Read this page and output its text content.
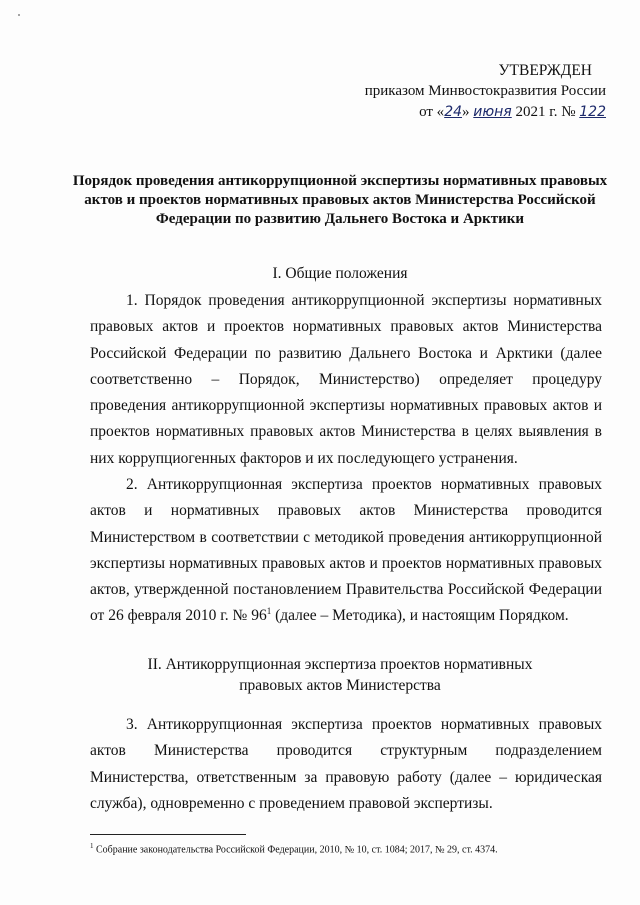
УТВЕРЖДЕН
приказом Минвостокразвития России
от «24» июня 2021 г. № 122
Порядок проведения антикоррупционной экспертизы нормативных правовых актов и проектов нормативных правовых актов Министерства Российской Федерации по развитию Дальнего Востока и Арктики
I. Общие положения
1. Порядок проведения антикоррупционной экспертизы нормативных правовых актов и проектов нормативных правовых актов Министерства Российской Федерации по развитию Дальнего Востока и Арктики (далее соответственно – Порядок, Министерство) определяет процедуру проведения антикоррупционной экспертизы нормативных правовых актов и проектов нормативных правовых актов Министерства в целях выявления в них коррупциогенных факторов и их последующего устранения.
2. Антикоррупционная экспертиза проектов нормативных правовых актов и нормативных правовых актов Министерства проводится Министерством в соответствии с методикой проведения антикоррупционной экспертизы нормативных правовых актов и проектов нормативных правовых актов, утвержденной постановлением Правительства Российской Федерации от 26 февраля 2010 г. № $96^1$ (далее – Методика), и настоящим Порядком.
II. Антикоррупционная экспертиза проектов нормативных
правовых актов Министерства
3. Антикоррупционная экспертиза проектов нормативных правовых актов Министерства проводится структурным подразделением Министерства, ответственным за правовую работу (далее – юридическая служба), одновременно с проведением правовой экспертизы.
$^1$ Собрание законодательства Российской Федерации, 2010, № 10, ст. 1084; 2017, № 29, ст. 4374.
